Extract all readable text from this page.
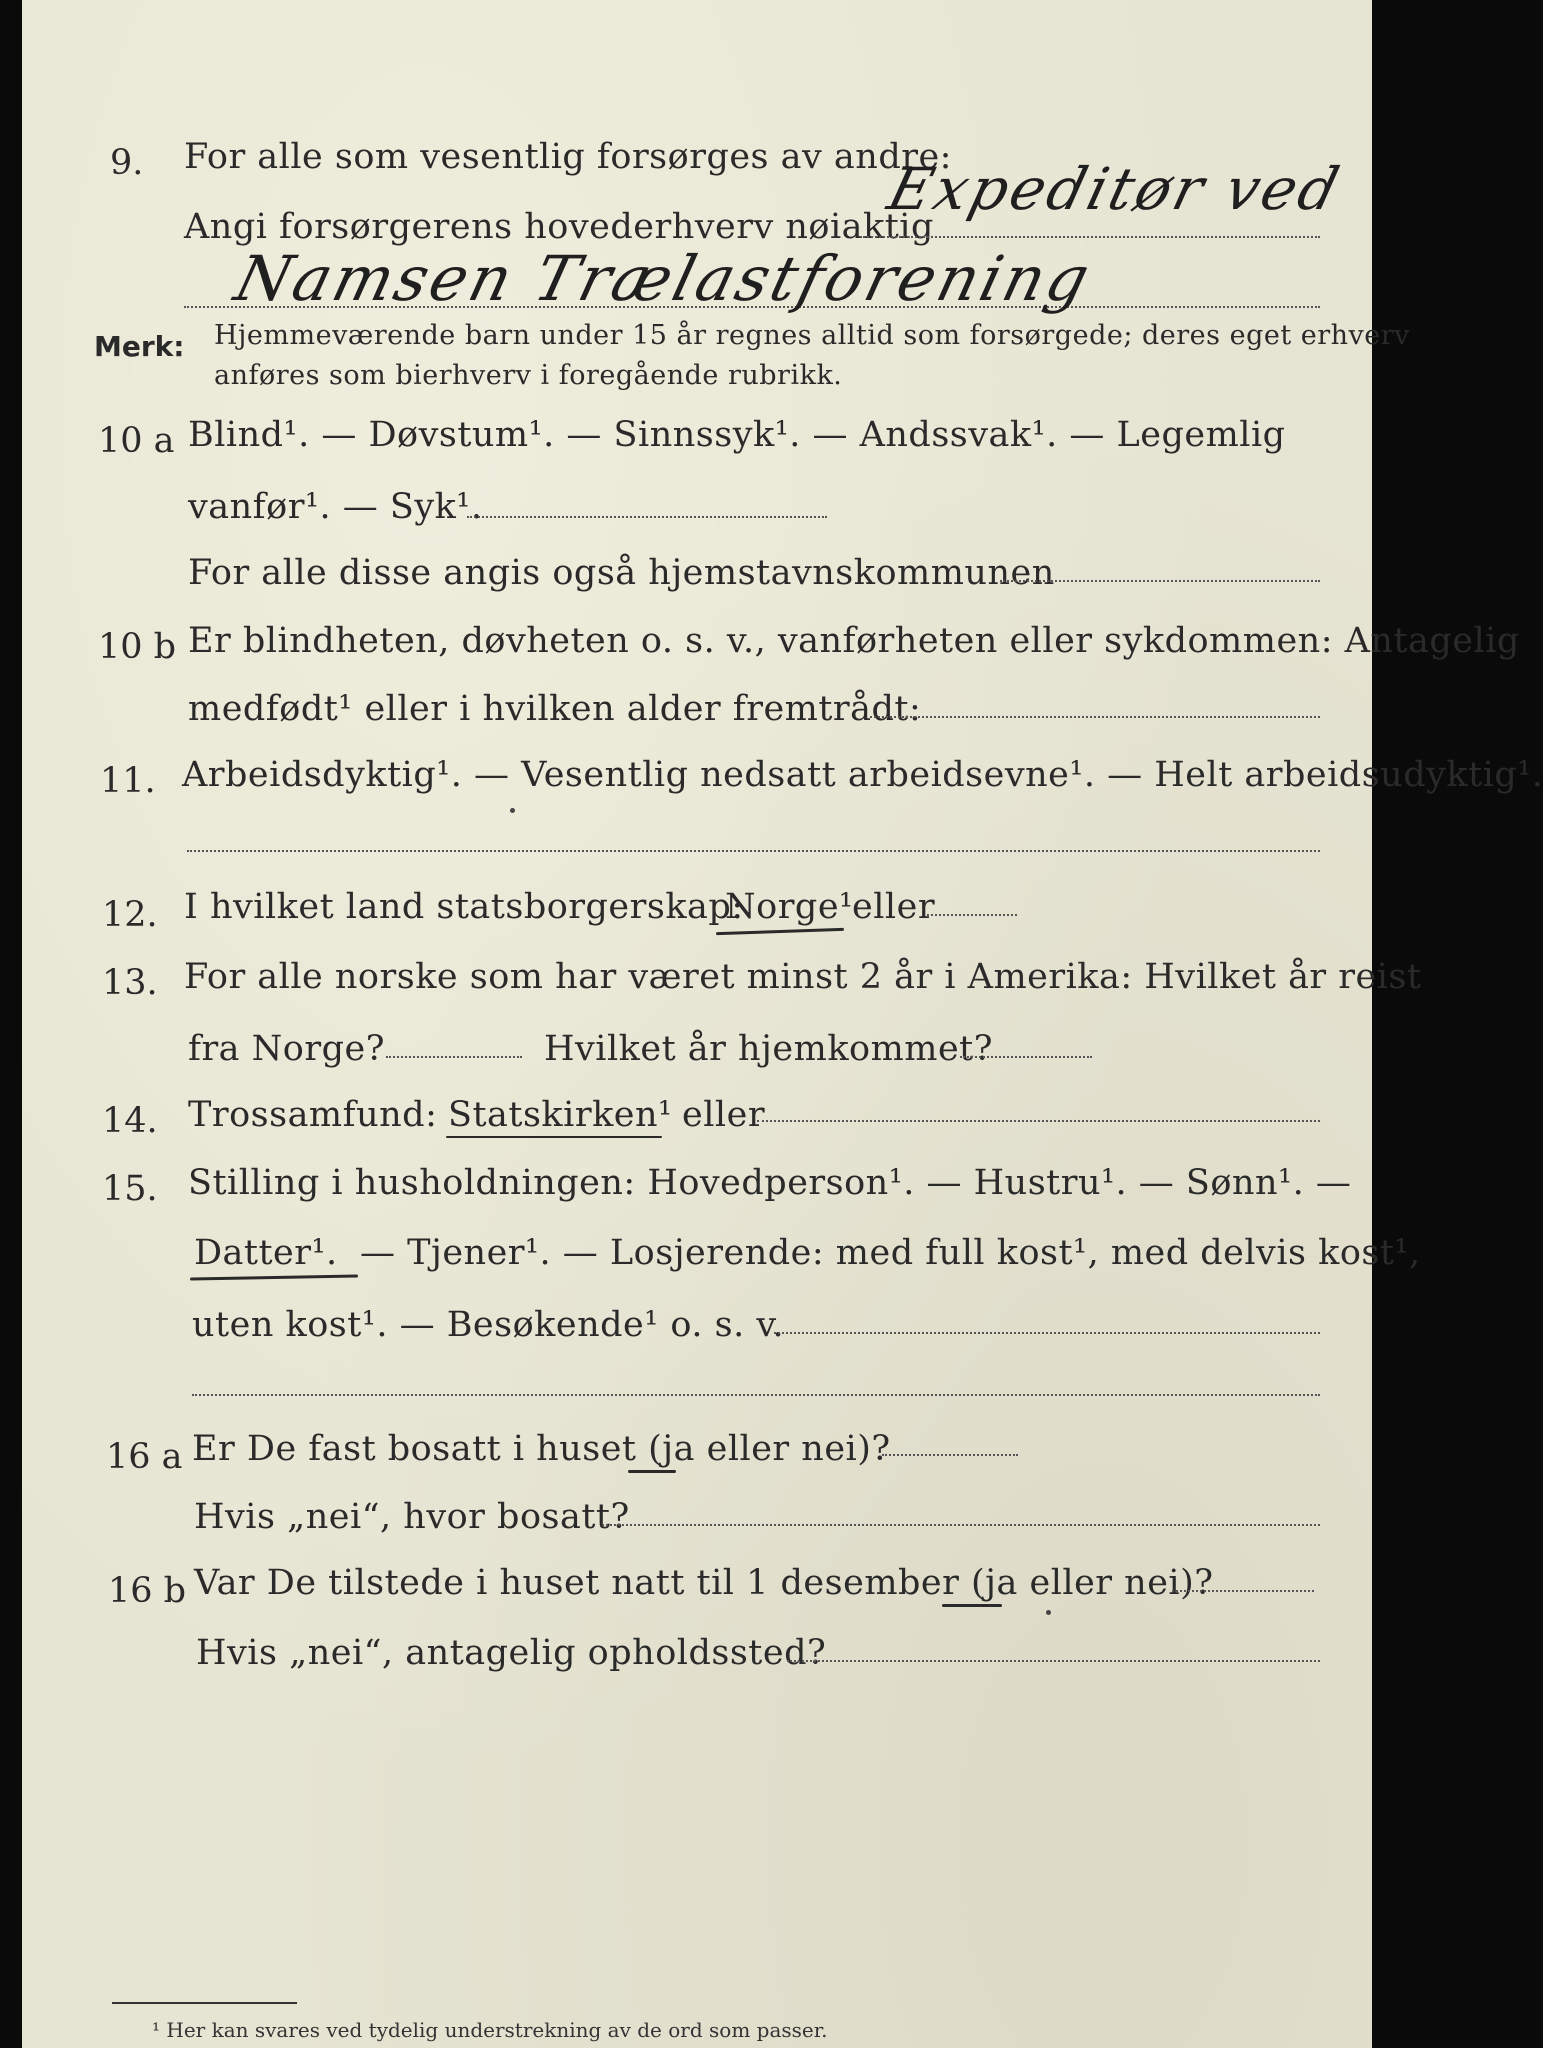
9. For alle som vesentlig forsørges av andre:
Angi forsørgerens hovederhverv nøiaktig
Expeditør ved
Namsen Trælastforening
Merk: Hjemmeværende barn under 15 år regnes alltid som forsørgede; deres eget erhverv
anføres som bierhverv i foregående rubrikk.
10 a Blind¹. — Døvstum¹. — Sinnssyk¹. — Andssvak¹. — Legemlig
vanfør¹. — Syk¹.
For alle disse angis også hjemstavnskommunen
10 b Er blindheten, døvheten o. s. v., vanførheten eller sykdommen: Antagelig
medfødt¹ eller i hvilken alder fremtrådt:
11. Arbeidsdyktig¹. — Vesentlig nedsatt arbeidsevne¹. — Helt arbeidsudyktig¹.
12. I hvilket land statsborgerskap:
Norge¹
eller
13. For alle norske som har været minst 2 år i Amerika: Hvilket år reist
fra Norge?	Hvilket år hjemkommet?
14. Trossamfund: Statskirken¹ eller
15. Stilling i husholdningen: Hovedperson¹. — Hustru¹. — Sønn¹. —
Datter¹. — Tjener¹. — Losjerende: med full kost¹, med delvis kost¹,
uten kost¹. — Besøkende¹ o. s. v.
16 a Er De fast bosatt i huset (ja eller nei)?
Hvis „nei“, hvor bosatt?
16 b Var De tilstede i huset natt til 1 desember (ja eller nei)?
Hvis „nei“, antagelig opholdssted?
¹ Her kan svares ved tydelig understrekning av de ord som passer.
